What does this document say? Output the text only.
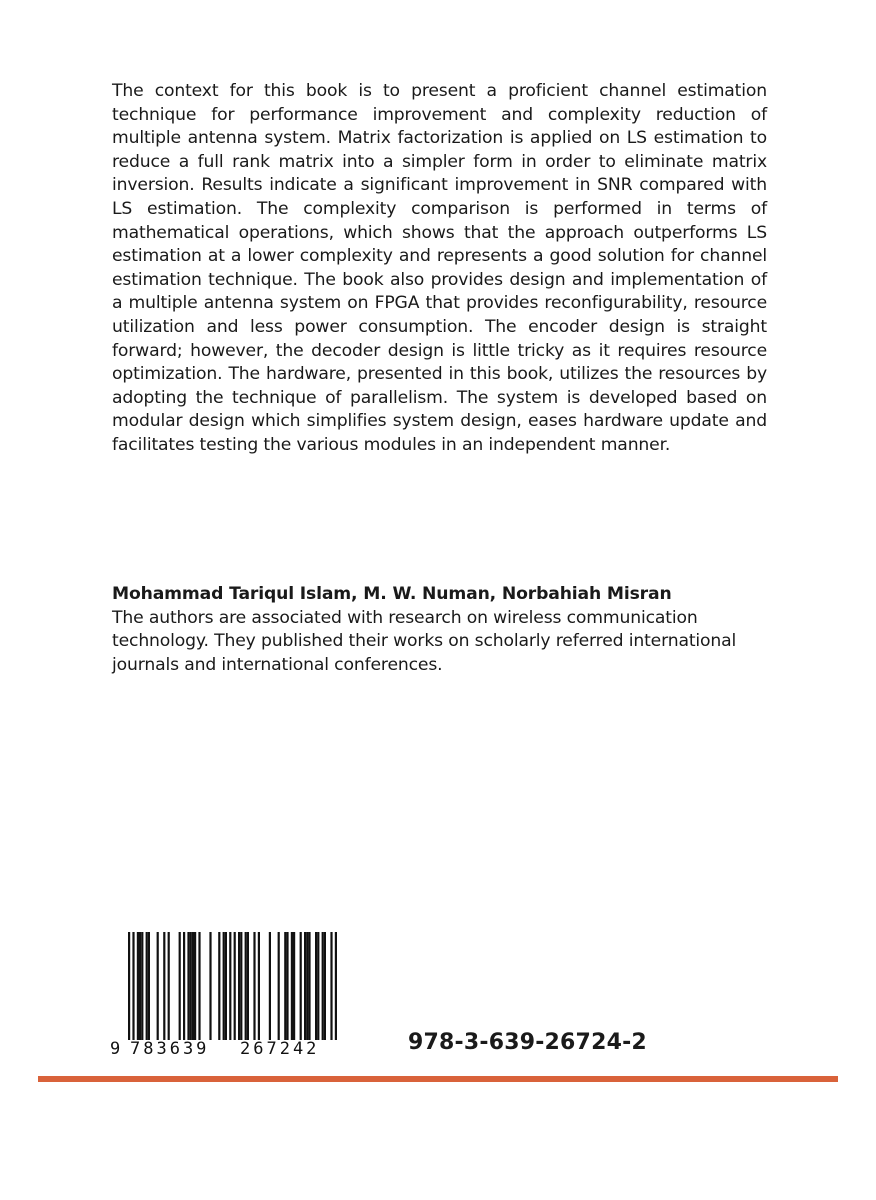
The context for this book is to present a proficient channel estimation technique for performance improvement and complexity reduction of multiple antenna system. Matrix factorization is applied on LS estimation to reduce a full rank matrix into a simpler form in order to eliminate matrix inversion. Results indicate a significant improvement in SNR compared with LS estimation. The complexity comparison is performed in terms of mathematical operations, which shows that the approach outperforms LS estimation at a lower complexity and represents a good solution for channel estimation technique. The book also provides design and implementation of a multiple antenna system on FPGA that provides reconfigurability, resource utilization and less power consumption. The encoder design is straight forward; however, the decoder design is little tricky as it requires resource optimization. The hardware, presented in this book, utilizes the resources by adopting the technique of parallelism. The system is developed based on modular design which simplifies system design, eases hardware update and facilitates testing the various modules in an independent manner.

Mohammad Tariqul Islam, M. W. Numan, Norbahiah Misran

The authors are associated with research on wireless communication technology. They published their works on scholarly referred international journals and international conferences.

9 783639 267242	978-3-639-26724-2
